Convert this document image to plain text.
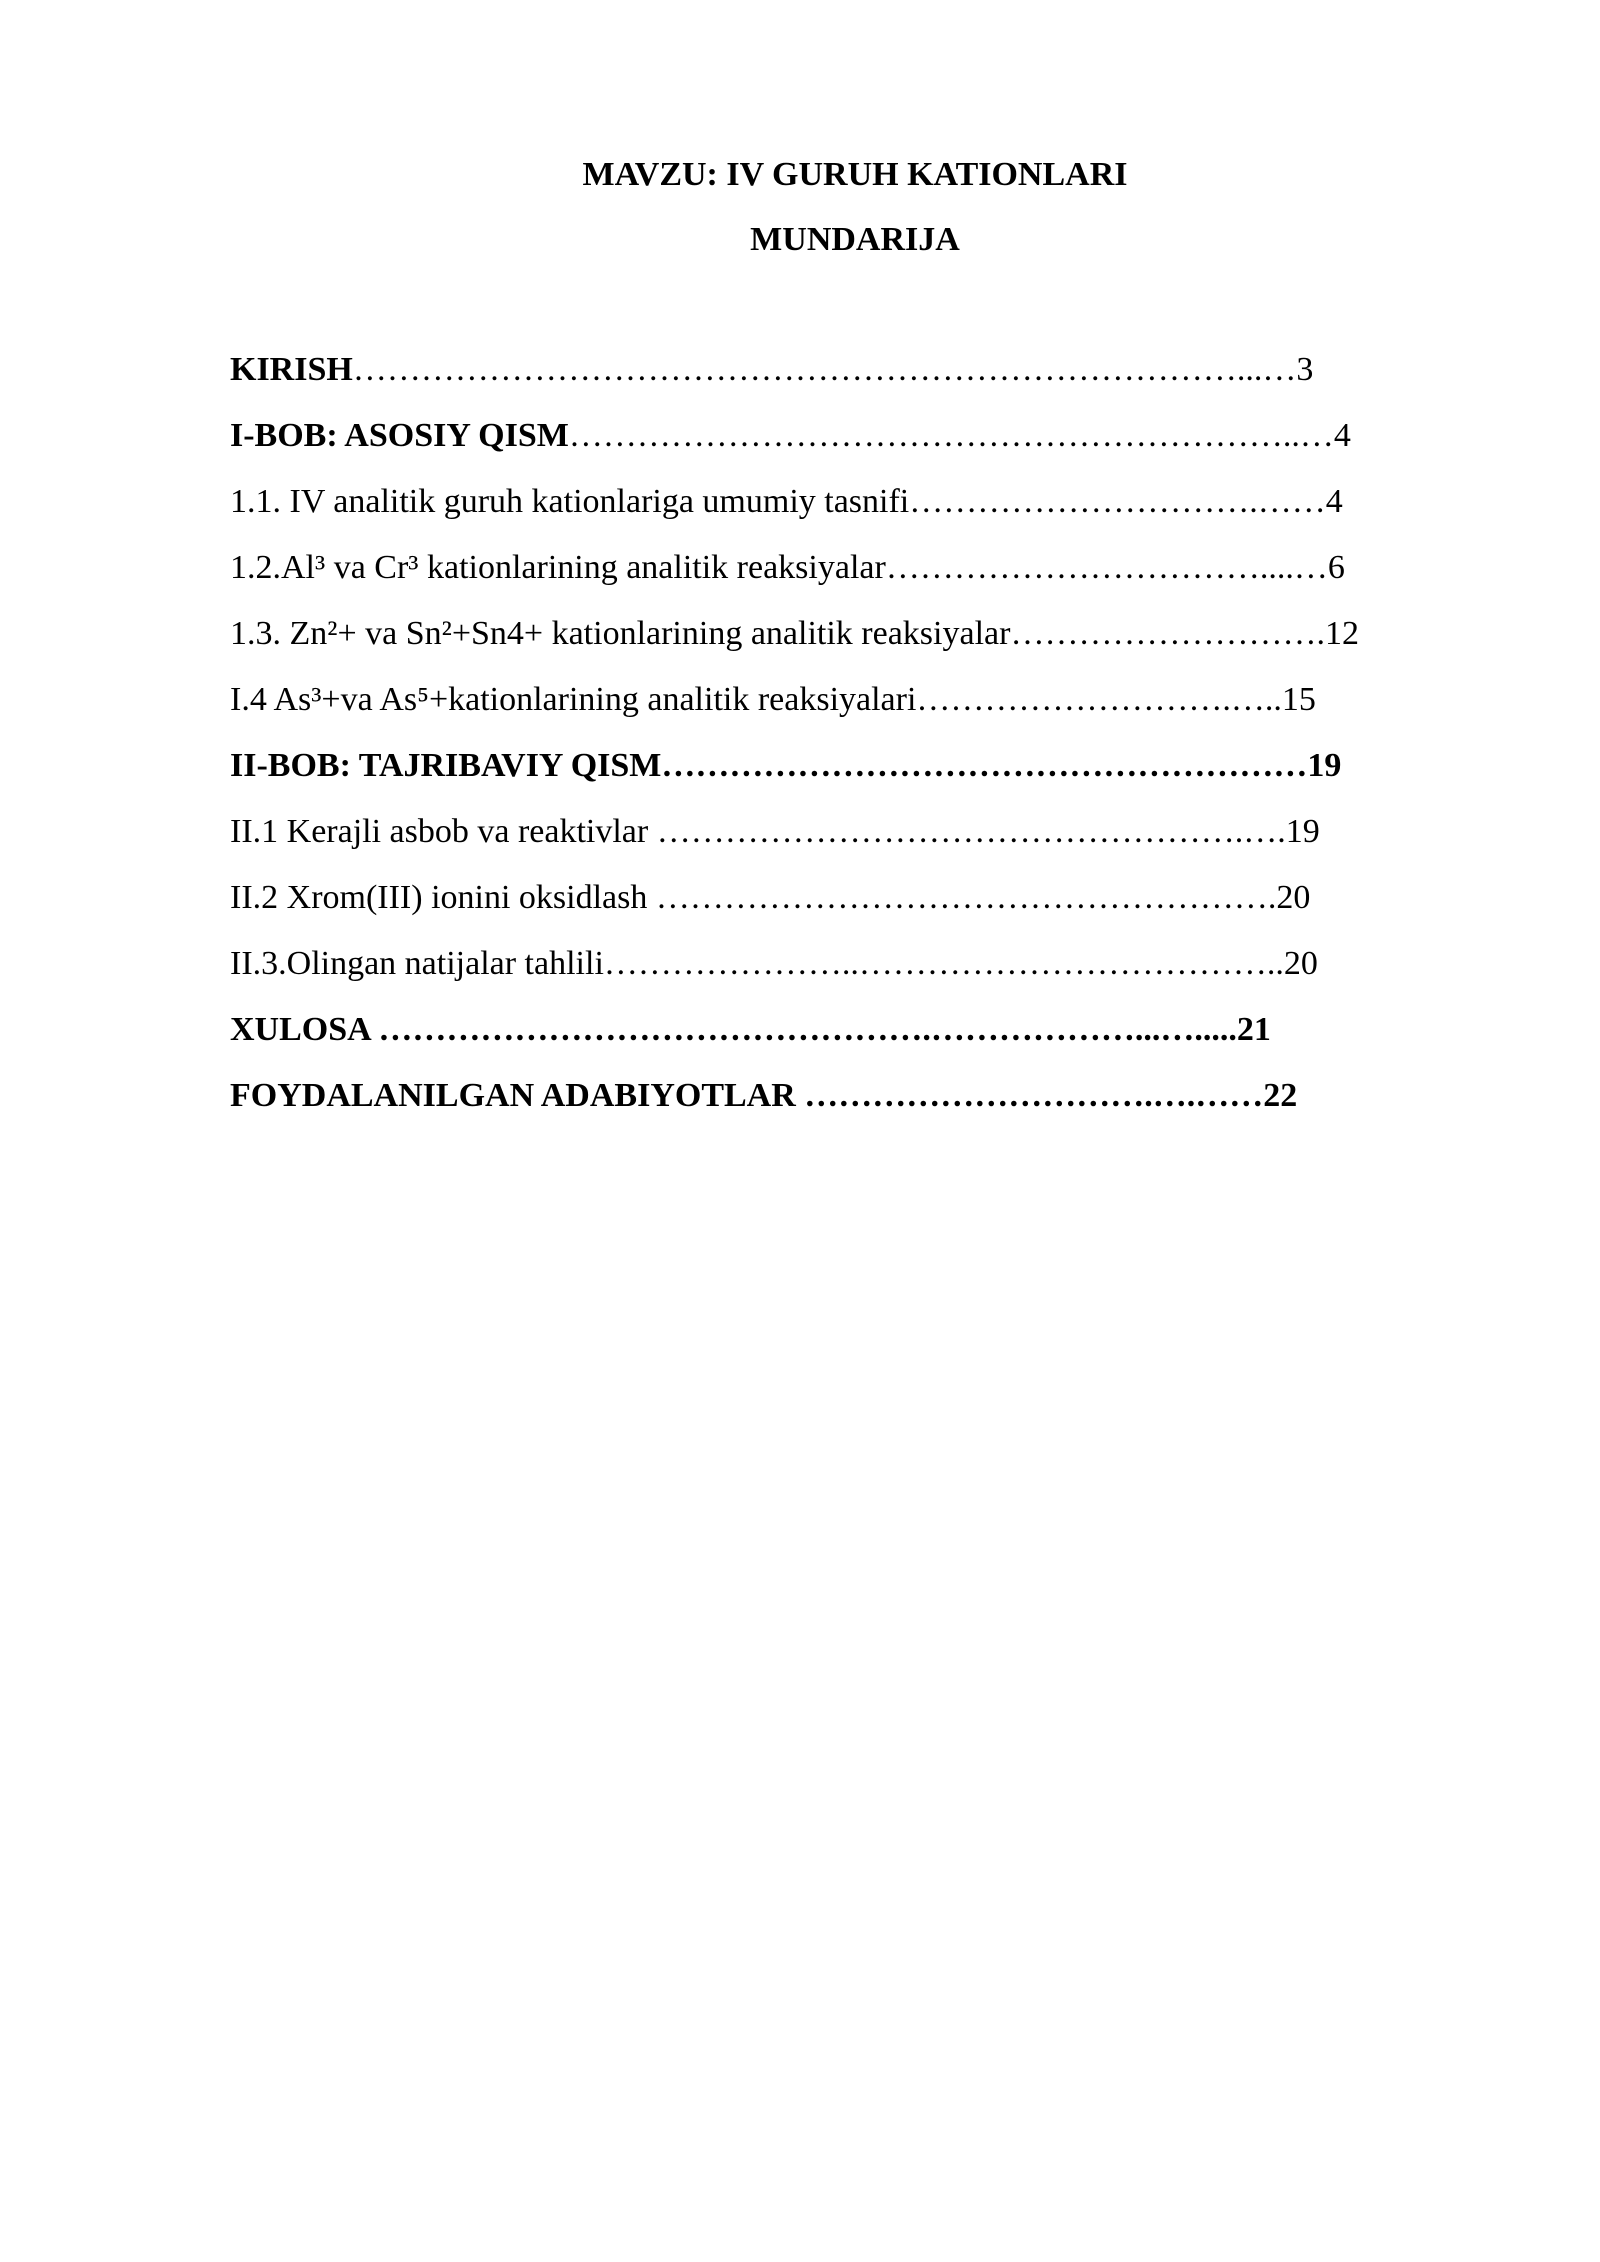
MAVZU: IV GURUH KATIONLARI
MUNDARIJA
KIRISH……………………………………………………………………...…3
I-BOB: ASOSIY QISM………………………………………………………..…4
1.1. IV analitik guruh kationlariga umumiy tasnifi………………………….……4
1.2.Al³ va Cr³ kationlarining analitik reaksiyalar……………………………....…6
1.3. Zn²+ va Sn²+Sn4+ kationlarining analitik reaksiyalar……………………….12
I.4 As³+va As⁵+kationlarining analitik reaksiyalari……………………….…..15
II-BOB: TAJRIBAVIY QISM…………………………………………………19
II.1 Kerajli asbob va reaktivlar …………………………………………….….19
II.2 Xrom(III) ionini oksidlash ……………………………………………….20
II.3.Olingan natijalar tahlili…………………..………………………………..20
XULOSA ………………………………………….………………...….....21
FOYDALANILGAN ADABIYOTLAR ………………………….….……22
